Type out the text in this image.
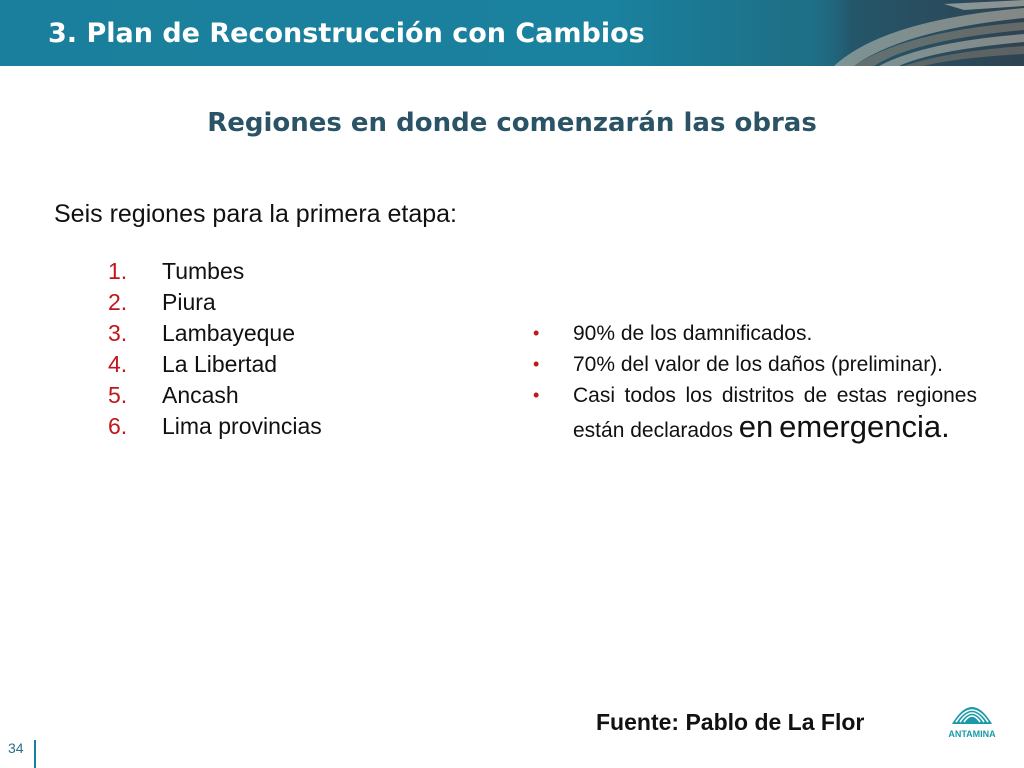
3. Plan de Reconstrucción con Cambios
Regiones en donde comenzarán las obras
Seis regiones para la primera etapa:
1. Tumbes
2. Piura
3. Lambayeque
4. La Libertad
5. Ancash
6. Lima provincias
• 90% de los damnificados.
• 70% del valor de los daños (preliminar).
• Casi todos los distritos de estas regiones están declarados en emergencia.
Fuente: Pablo de La Flor	ANTAMINA
34
